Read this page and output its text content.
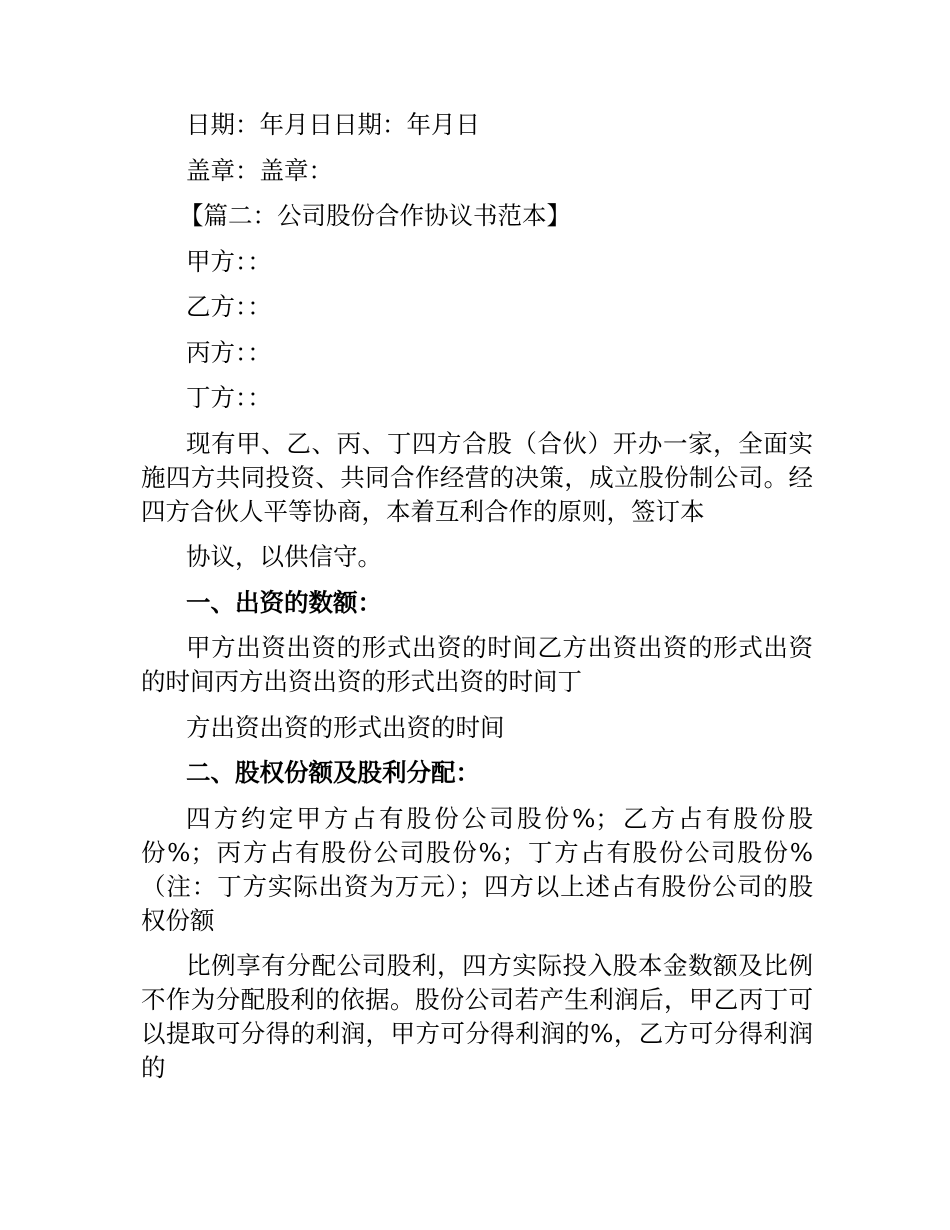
日期：年月日日期：年月日

盖章：盖章：

【篇二：公司股份合作协议书范本】

甲方：：

乙方：：

丙方：：

丁方：：

现有甲、乙、丙、丁四方合股（合伙）开办一家，全面实施四方共同投资、共同合作经营的决策，成立股份制公司。经四方合伙人平等协商，本着互利合作的原则，签订本

协议，以供信守。

一、出资的数额：

甲方出资出资的形式出资的时间乙方出资出资的形式出资的时间丙方出资出资的形式出资的时间丁

方出资出资的形式出资的时间

二、股权份额及股利分配：

四方约定甲方占有股份公司股份%；乙方占有股份股份%；丙方占有股份公司股份%；丁方占有股份公司股份%（注：丁方实际出资为万元）；四方以上述占有股份公司的股权份额

比例享有分配公司股利，四方实际投入股本金数额及比例不作为分配股利的依据。股份公司若产生利润后，甲乙丙丁可以提取可分得的利润，甲方可分得利润的%，乙方可分得利润的
